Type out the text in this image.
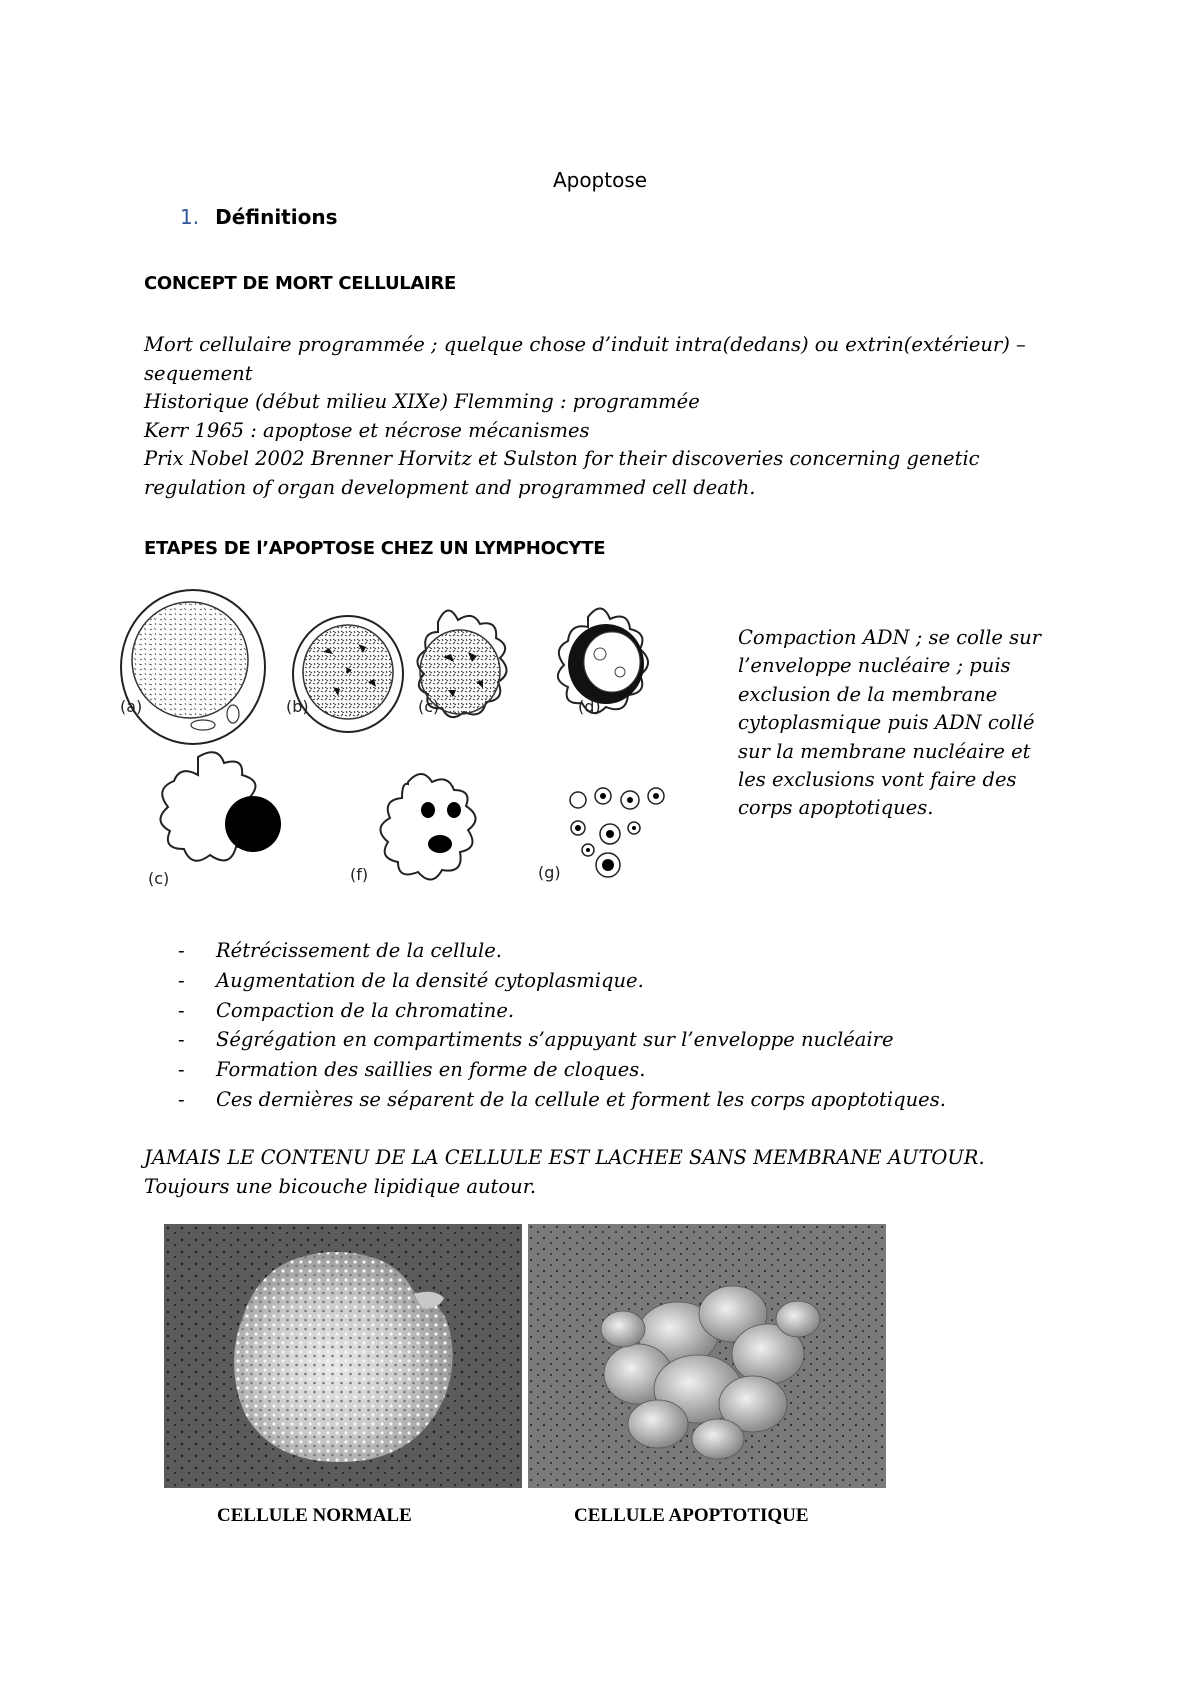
Apoptose
1. Définitions
CONCEPT DE MORT CELLULAIRE
Mort cellulaire programmée ; quelque chose d’induit intra(dedans) ou extrin(extérieur) –
sequement
Historique (début milieu XIXe) Flemming : programmée
Kerr 1965 : apoptose et nécrose mécanismes
Prix Nobel 2002 Brenner Horvitz et Sulston for their discoveries concerning genetic
regulation of organ development and programmed cell death.
ETAPES DE l’APOPTOSE CHEZ UN LYMPHOCYTE
(a)	(b)	(c)	(d)
(c)	(f)	(g)
Compaction ADN ; se colle sur
l’enveloppe nucléaire ; puis
exclusion de la membrane
cytoplasmique puis ADN collé
sur la membrane nucléaire et
les exclusions vont faire des
corps apoptotiques.
- Rétrécissement de la cellule.
- Augmentation de la densité cytoplasmique.
- Compaction de la chromatine.
- Ségrégation en compartiments s’appuyant sur l’enveloppe nucléaire
- Formation des saillies en forme de cloques.
- Ces dernières se séparent de la cellule et forment les corps apoptotiques.
JAMAIS LE CONTENU DE LA CELLULE EST LACHEE SANS MEMBRANE AUTOUR. Toujours une bicouche lipidique autour.
CELLULE NORMALE	CELLULE APOPTOTIQUE
